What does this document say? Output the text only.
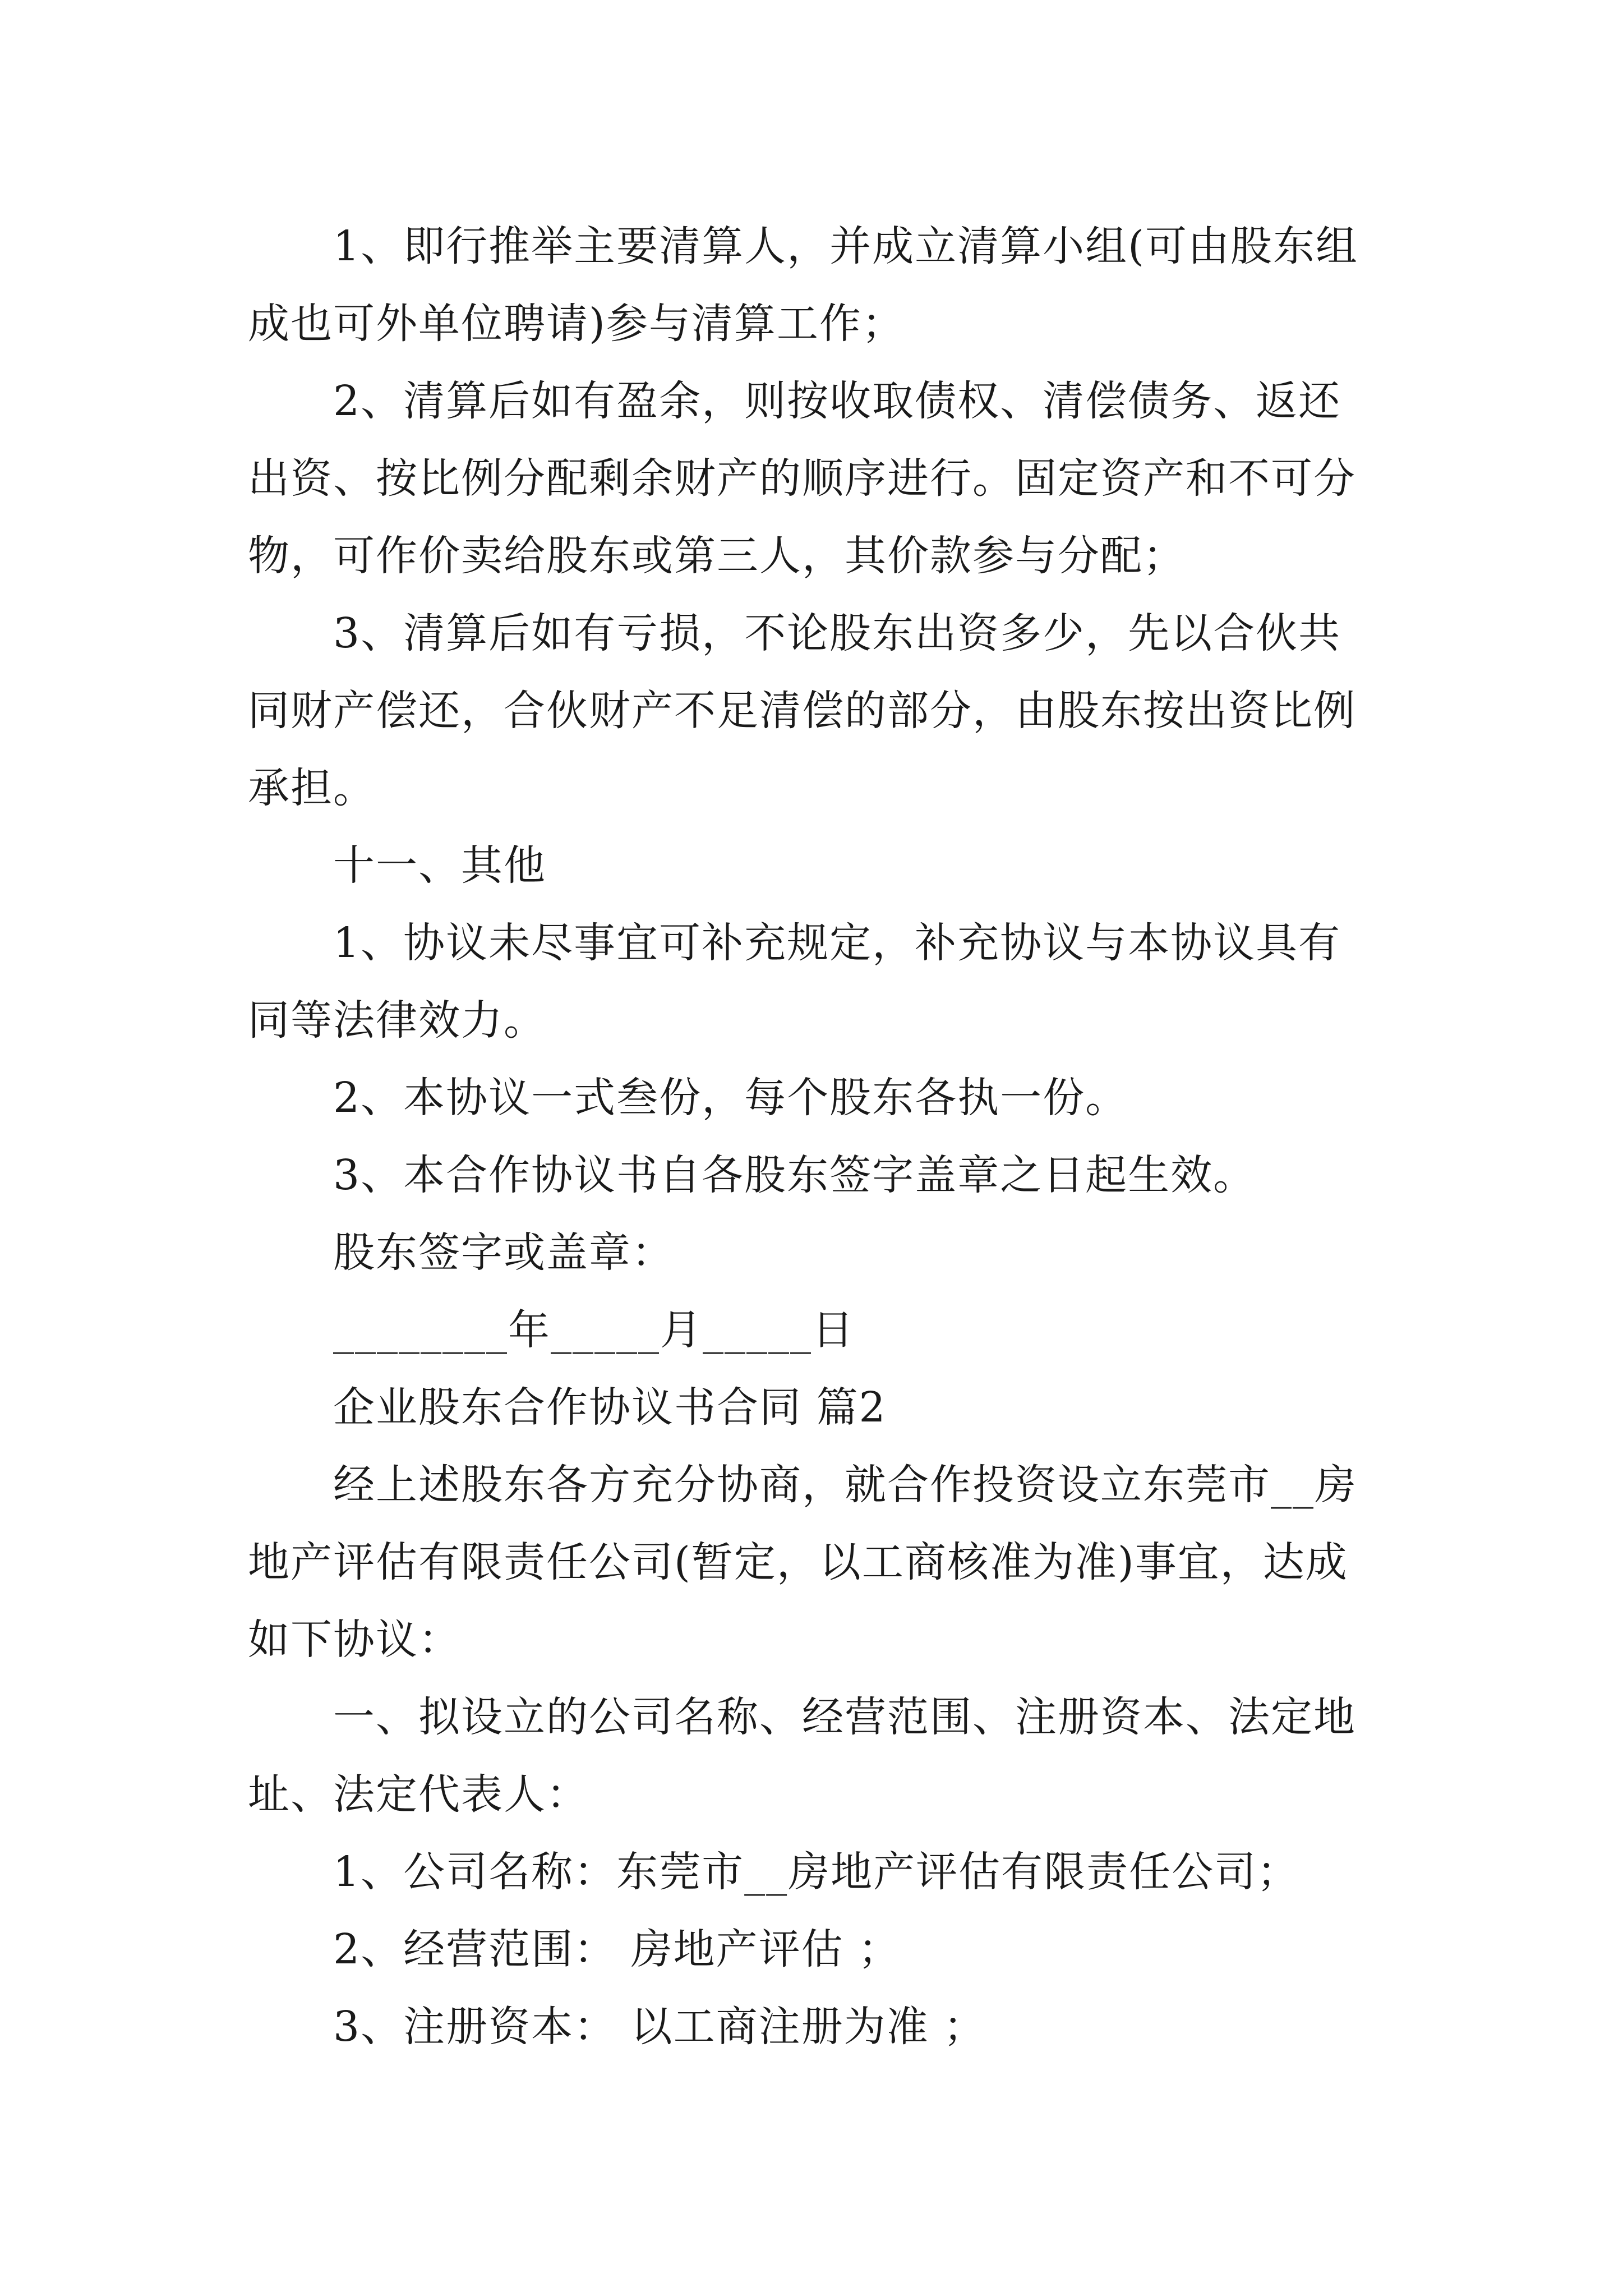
1、即行推举主要清算人，并成立清算小组(可由股东组
成也可外单位聘请)参与清算工作；
2、清算后如有盈余，则按收取债权、清偿债务、返还
出资、按比例分配剩余财产的顺序进行。固定资产和不可分
物，可作价卖给股东或第三人，其价款参与分配；
3、清算后如有亏损，不论股东出资多少，先以合伙共
同财产偿还，合伙财产不足清偿的部分，由股东按出资比例
承担。
十一、其他
1、协议未尽事宜可补充规定，补充协议与本协议具有
同等法律效力。
2、本协议一式叁份，每个股东各执一份。
3、本合作协议书自各股东签字盖章之日起生效。
股东签字或盖章：
________年_____月_____日
企业股东合作协议书合同 篇2
经上述股东各方充分协商，就合作投资设立东莞市__房
地产评估有限责任公司(暂定，以工商核准为准)事宜，达成
如下协议：
一、拟设立的公司名称、经营范围、注册资本、法定地
址、法定代表人：
1、公司名称：东莞市__房地产评估有限责任公司；
2、经营范围： 房地产评估 ；
3、注册资本： 以工商注册为准 ；
